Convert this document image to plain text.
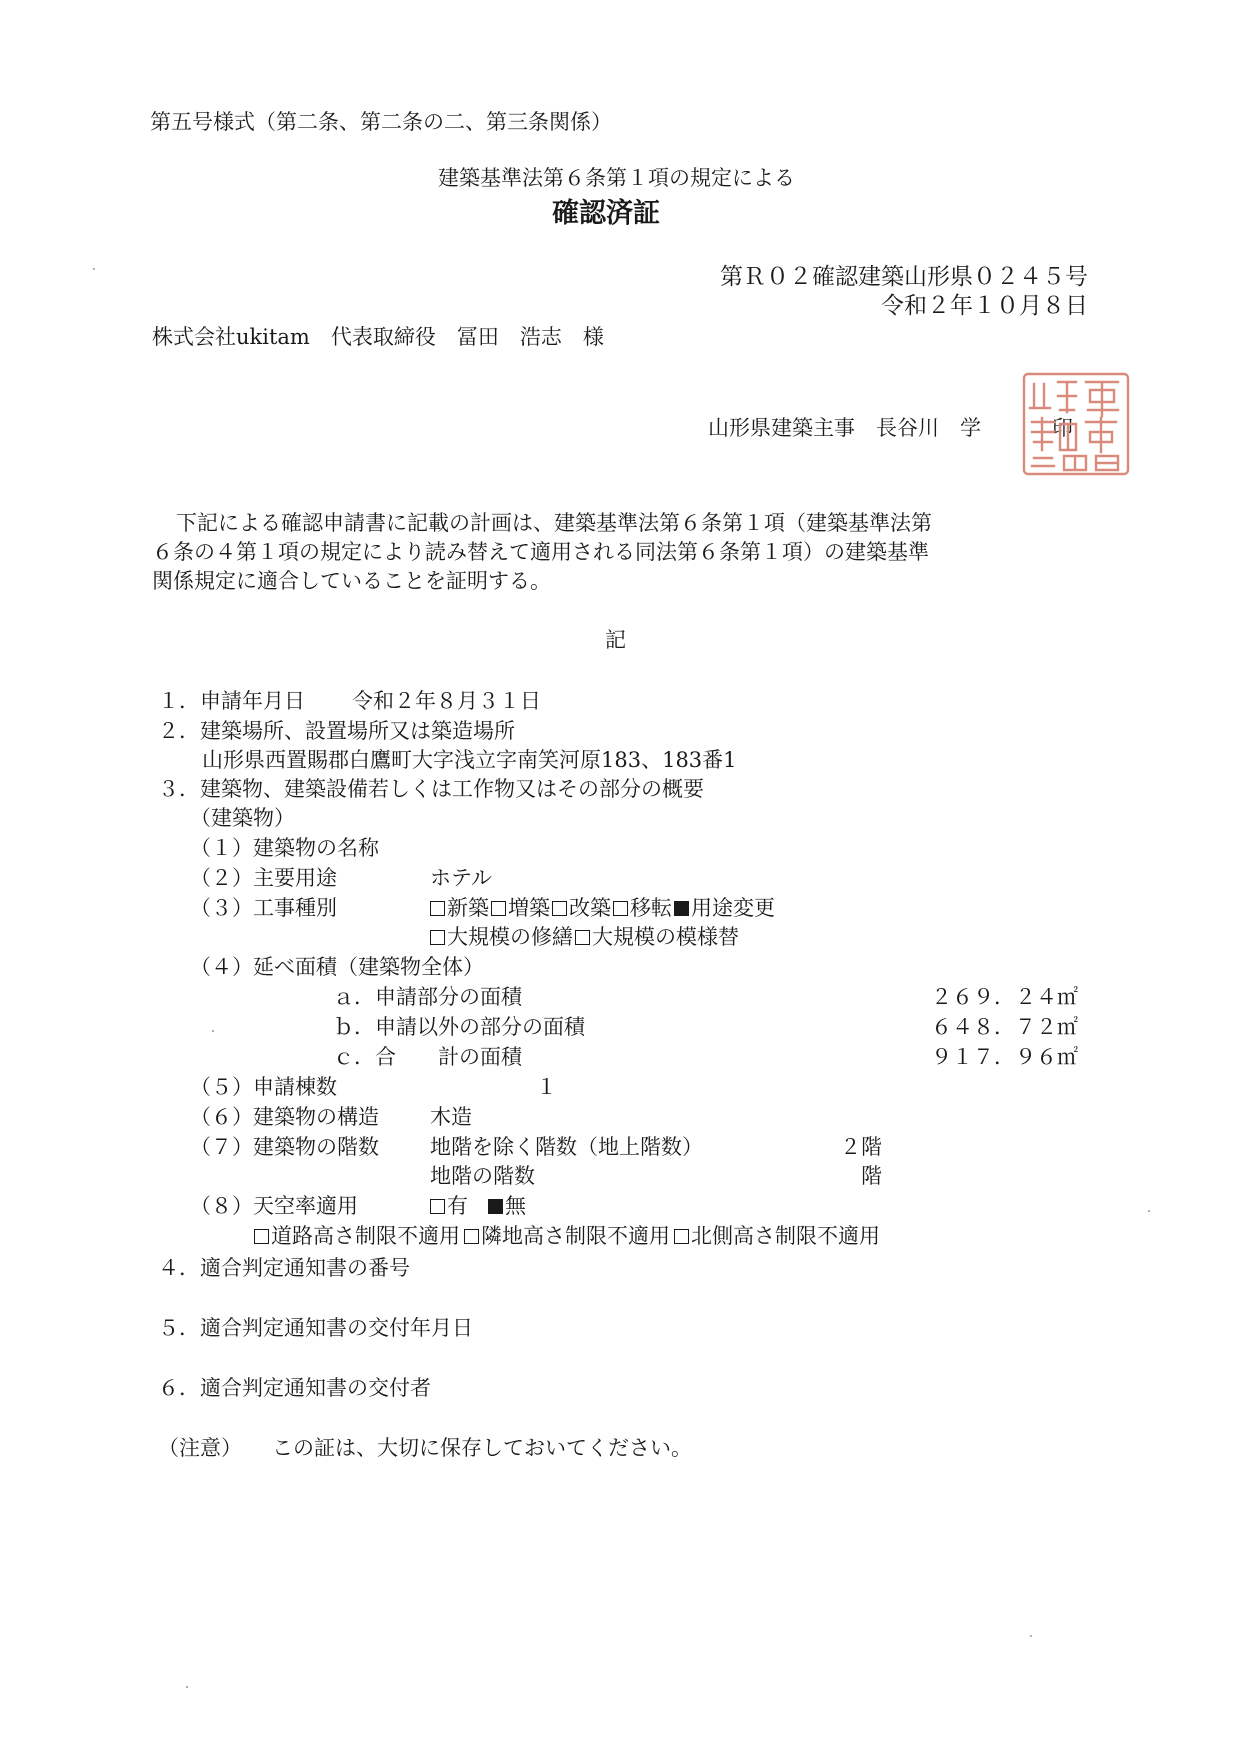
第五号様式（第二条、第二条の二、第三条関係）
建築基準法第６条第１項の規定による
確認済証
第Ｒ０２確認建築山形県０２４５号
令和２年１０月８日
株式会社ukitam　代表取締役　冨田　浩志　様
山形県建築主事　長谷川　学	印
下記による確認申請書に記載の計画は、建築基準法第６条第１項（建築基準法第
６条の４第１項の規定により読み替えて適用される同法第６条第１項）の建築基準
関係規定に適合していることを証明する。
記
１．申請年月日 令和２年８月３１日
２．建築場所、設置場所又は築造場所
山形県西置賜郡白鷹町大字浅立字南笑河原183、183番1
３．建築物、建築設備若しくは工作物又はその部分の概要
（建築物）
（１）建築物の名称
（２）主要用途	ホテル
（３）工事種別	新築 増築 改築 移転 用途変更
大規模の修繕 大規模の模様替
（４）延べ面積（建築物全体）
ａ．申請部分の面積	２６９．２４㎡
ｂ．申請以外の部分の面積	６４８．７２㎡
ｃ．合　　計の面積	９１７．９６㎡
（５）申請棟数	１
（６）建築物の構造 木造
（７）建築物の階数 地階を除く階数（地上階数）	２階
地階の階数	階
（８）天空率適用	有 無
道路高さ制限不適用 隣地高さ制限不適用 北側高さ制限不適用
４．適合判定通知書の番号
５．適合判定通知書の交付年月日
６．適合判定通知書の交付者
（注意） この証は、大切に保存しておいてください。
